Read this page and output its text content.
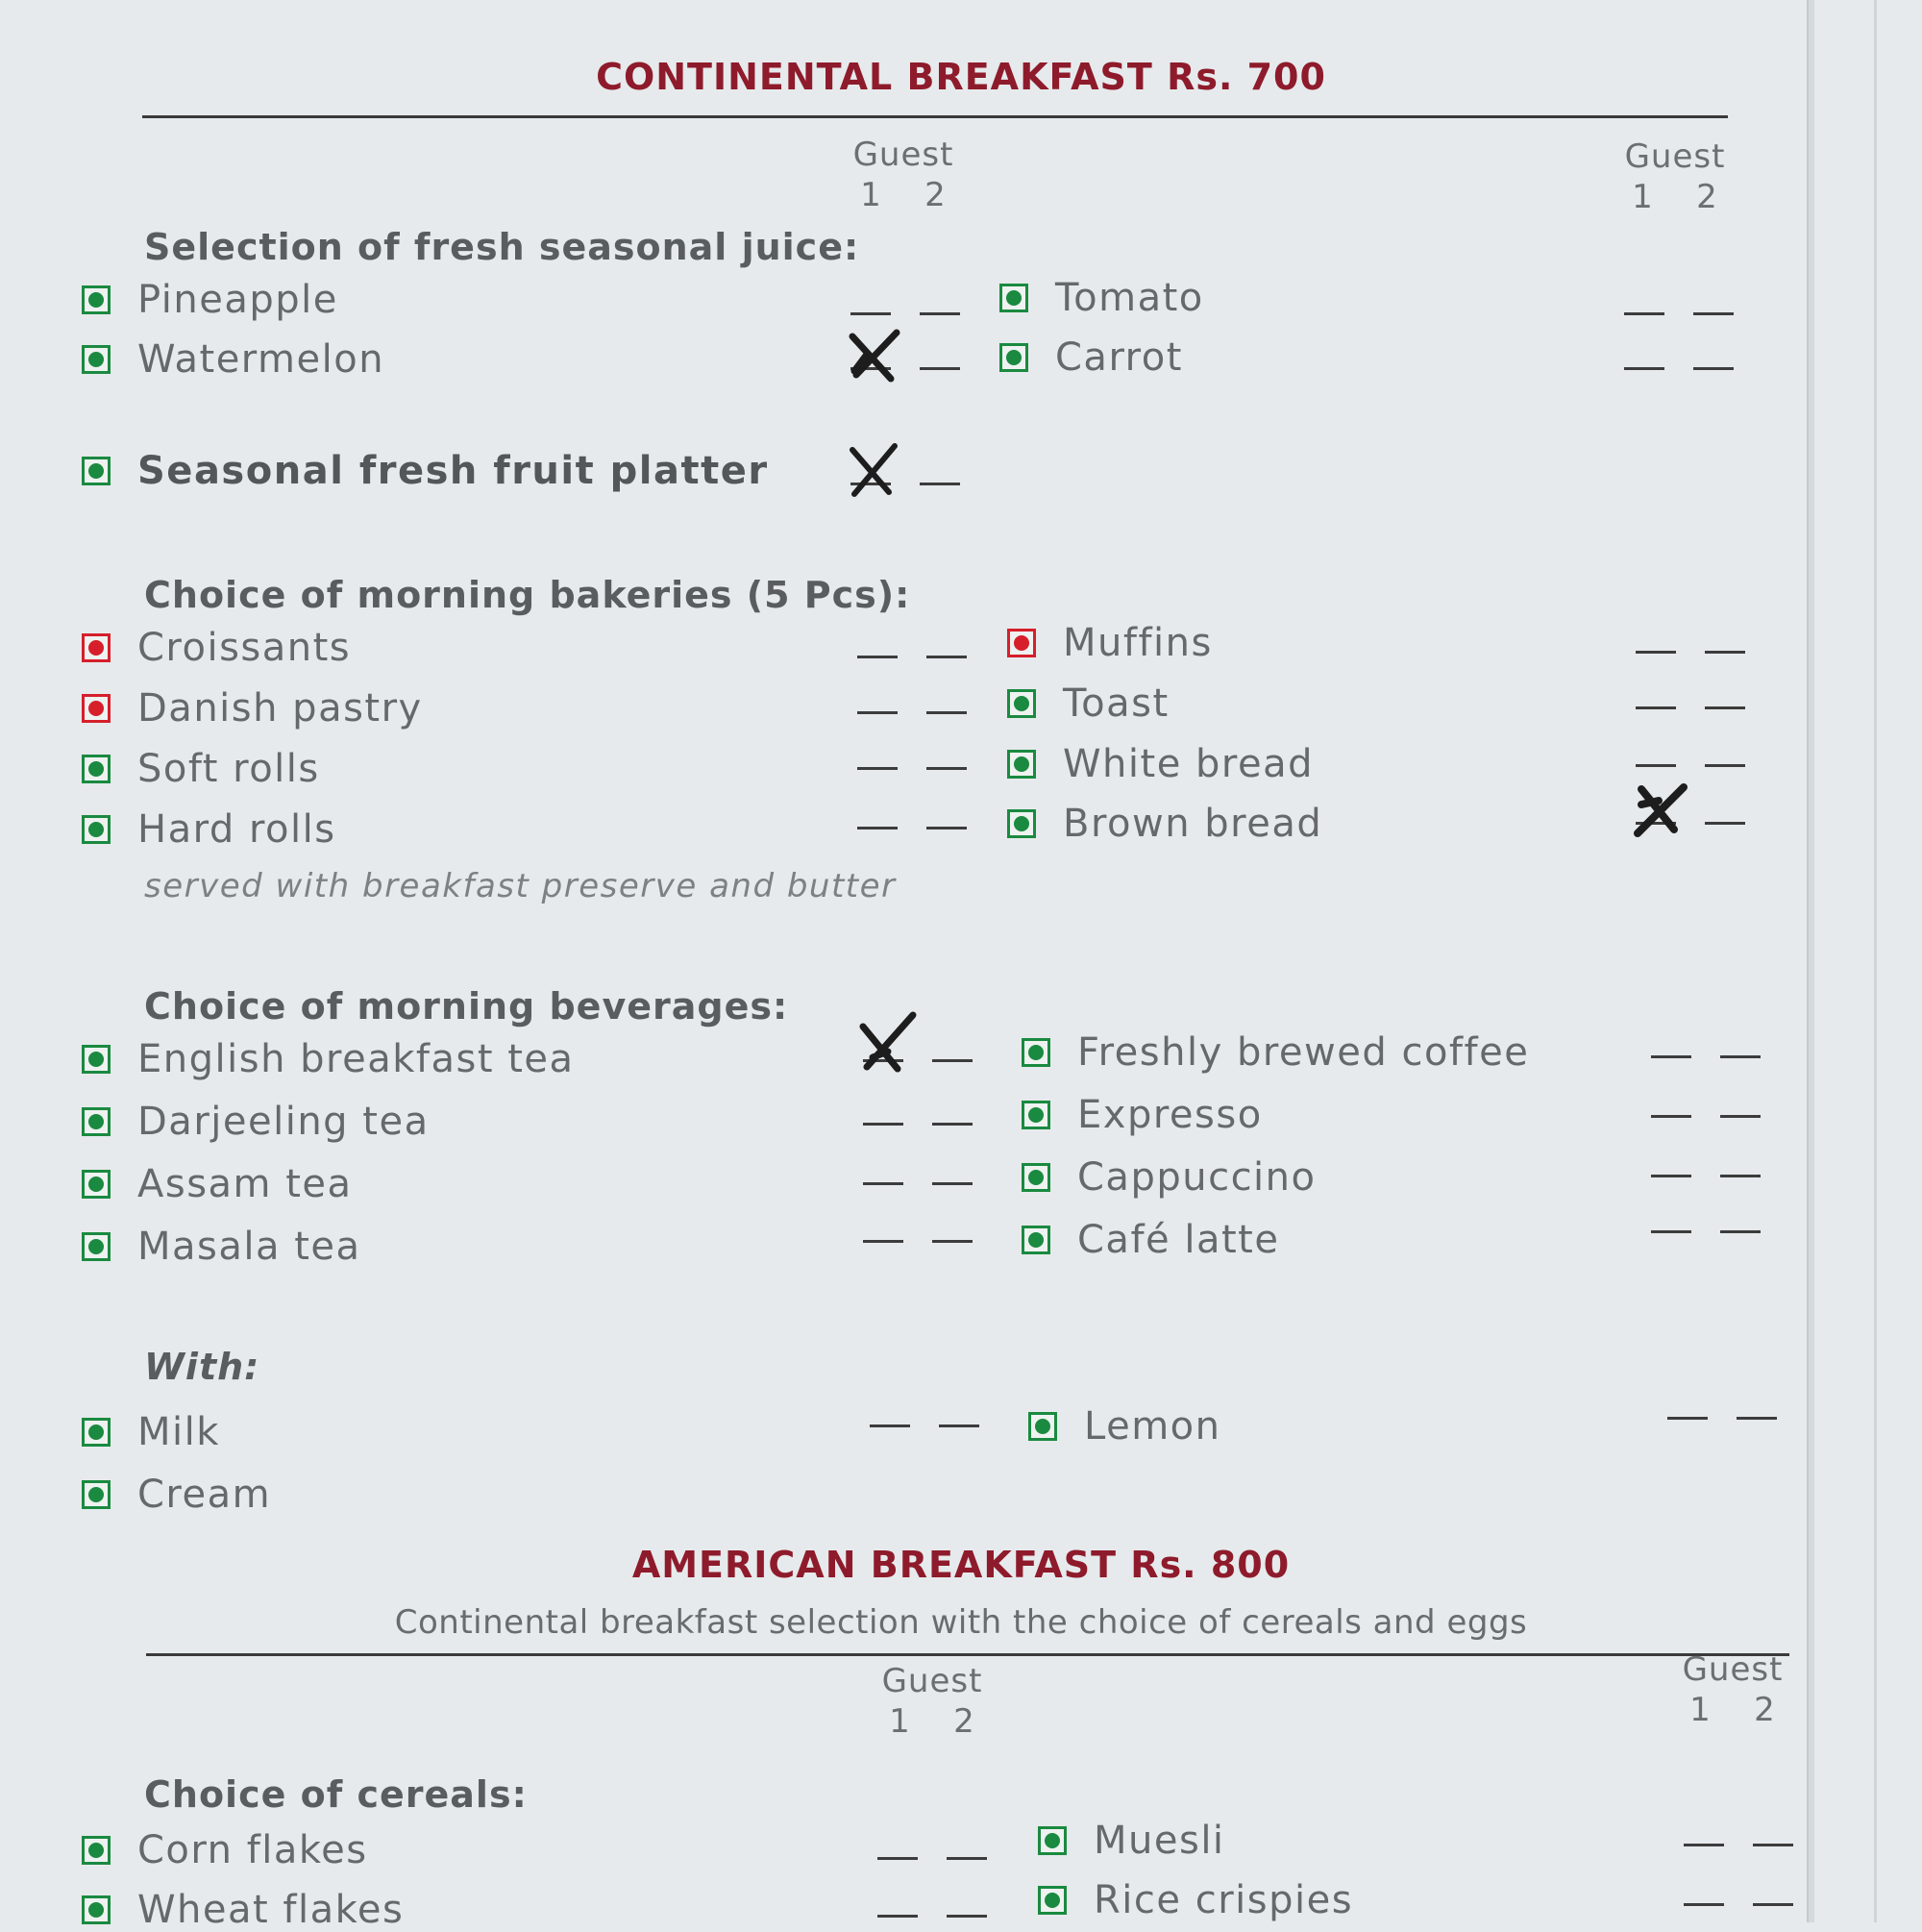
CONTINENTAL BREAKFAST Rs. 700
Guest
1 2
Guest
1 2
Selection of fresh seasonal juice:
Pineapple
Watermelon
Tomato
Carrot
Seasonal fresh fruit platter
Choice of morning bakeries (5 Pcs):
Croissants
Danish pastry
Soft rolls
Hard rolls
Muffins
Toast
White bread
Brown bread
served with breakfast preserve and butter
Choice of morning beverages:
English breakfast tea
Darjeeling tea
Assam tea
Masala tea
Freshly brewed coffee
Expresso
Cappuccino
Café latte
With:
Milk
Cream
Lemon
AMERICAN BREAKFAST Rs. 800

Continental breakfast selection with the choice of cereals and eggs

Guest
1 2
Guest
1 2
Choice of cereals:
Corn flakes
Wheat flakes
Muesli
Rice crispies
